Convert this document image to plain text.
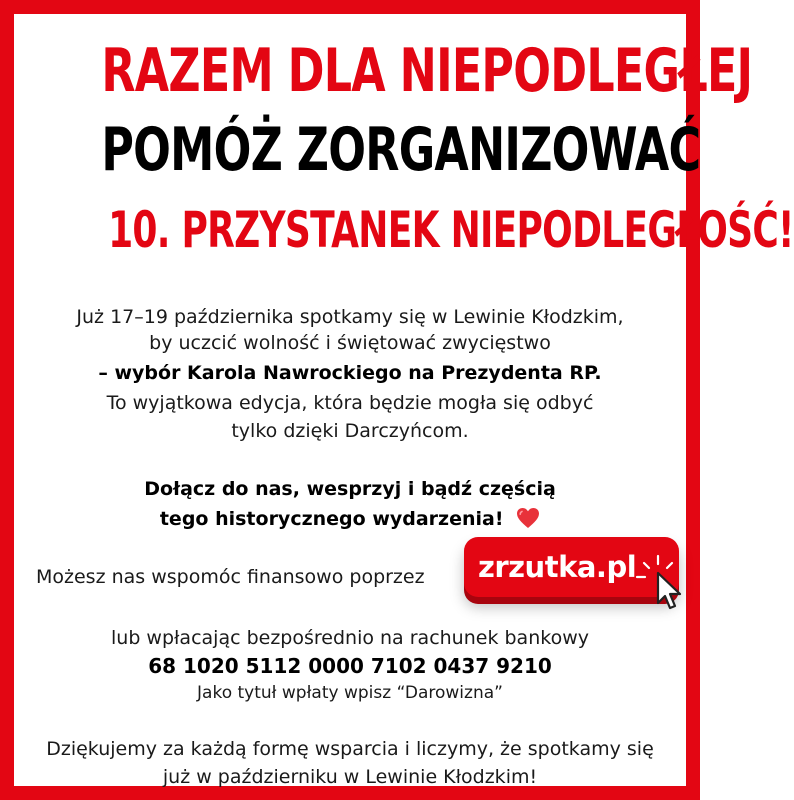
RAZEM DLA NIEPODLEGŁEJ
POMÓŻ ZORGANIZOWAĆ
10. PRZYSTANEK NIEPODLEGŁOŚĆ!
Już 17–19 października spotkamy się w Lewinie Kłodzkim,
by uczcić wolność i świętować zwycięstwo
– wybór Karola Nawrockiego na Prezydenta RP.
To wyjątkowa edycja, która będzie mogła się odbyć
tylko dzięki Darczyńcom.
Dołącz do nas, wesprzyj i bądź częścią
tego historycznego wydarzenia!
Możesz nas wspomóc finansowo poprzez	zrzutka.pl
lub wpłacając bezpośrednio na rachunek bankowy
68 1020 5112 0000 7102 0437 9210
Jako tytuł wpłaty wpisz “Darowizna”
Dziękujemy za każdą formę wsparcia i liczymy, że spotkamy się
już w październiku w Lewinie Kłodzkim!
